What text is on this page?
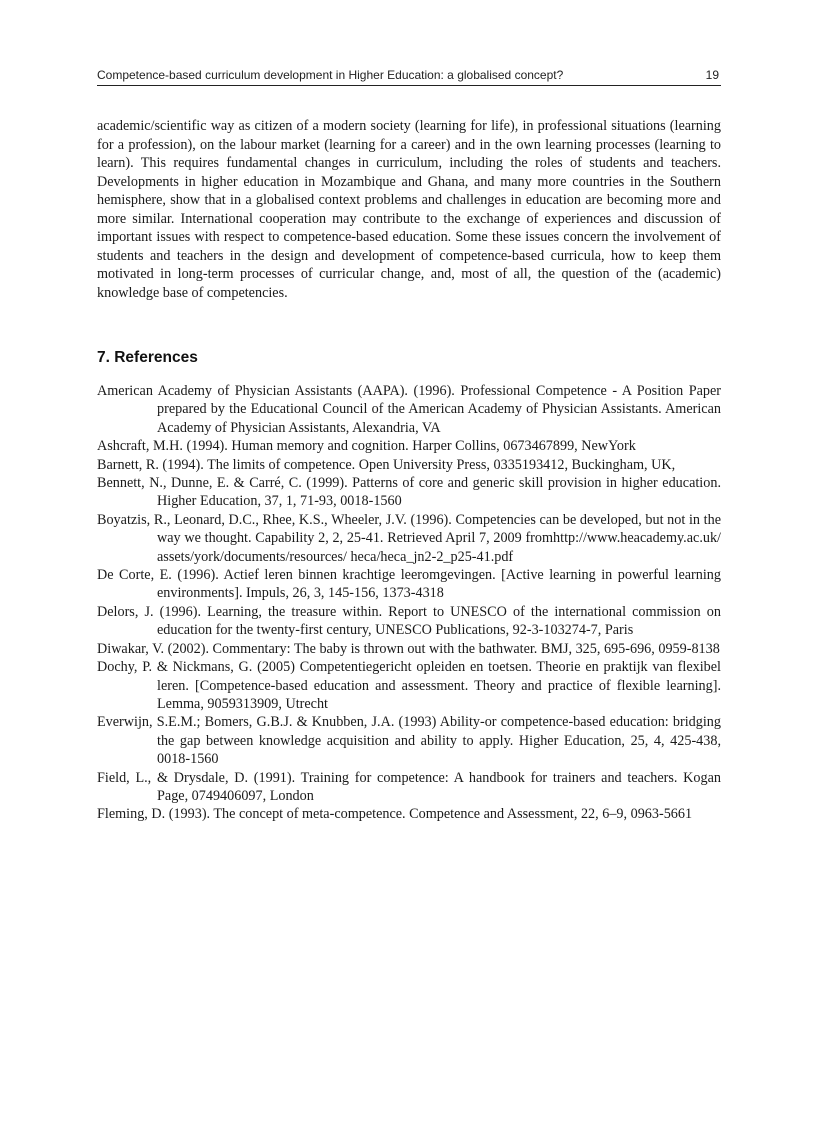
Competence-based curriculum development in Higher Education: a globalised concept?	19

academic/scientific way as citizen of a modern society (learning for life), in professional situations (learning for a profession), on the labour market (learning for a career) and in the own learning processes (learning to learn). This requires fundamental changes in curriculum, including the roles of students and teachers. Developments in higher education in Mozambique and Ghana, and many more countries in the Southern hemisphere, show that in a globalised context problems and challenges in education are becoming more and more similar. International cooperation may contribute to the exchange of experiences and discussion of important issues with respect to competence-based education. Some these issues concern the involvement of students and teachers in the design and development of competence-based curricula, how to keep them motivated in long-term processes of curricular change, and, most of all, the question of the (academic) knowledge base of competencies.

7. References
American Academy of Physician Assistants (AAPA). (1996). Professional Competence - A Position Paper prepared by the Educational Council of the American Academy of Physician Assistants. American Academy of Physician Assistants, Alexandria, VA
Ashcraft, M.H. (1994). Human memory and cognition. Harper Collins, 0673467899, NewYork
Barnett, R. (1994). The limits of competence. Open University Press, 0335193412, Buckingham, UK,
Bennett, N., Dunne, E. & Carré, C. (1999). Patterns of core and generic skill provision in higher education. Higher Education, 37, 1, 71-93, 0018-1560
Boyatzis, R., Leonard, D.C., Rhee, K.S., Wheeler, J.V. (1996). Competencies can be developed, but not in the way we thought. Capability 2, 2, 25-41. Retrieved April 7, 2009 fromhttp://www.heacademy.ac.uk/ assets/york/documents/resources/ heca/heca_jn2-2_p25-41.pdf
De Corte, E. (1996). Actief leren binnen krachtige leeromgevingen. [Active learning in powerful learning environments]. Impuls, 26, 3, 145-156, 1373-4318
Delors, J. (1996). Learning, the treasure within. Report to UNESCO of the international commission on education for the twenty-first century, UNESCO Publications, 92-3-103274-7, Paris
Diwakar, V. (2002). Commentary: The baby is thrown out with the bathwater. BMJ, 325, 695-696, 0959-8138
Dochy, P. & Nickmans, G. (2005) Competentiegericht opleiden en toetsen. Theorie en praktijk van flexibel leren. [Competence-based education and assessment. Theory and practice of flexible learning]. Lemma, 9059313909, Utrecht
Everwijn, S.E.M.; Bomers, G.B.J. & Knubben, J.A. (1993) Ability-or competence-based education: bridging the gap between knowledge acquisition and ability to apply. Higher Education, 25, 4, 425-438, 0018-1560
Field, L., & Drysdale, D. (1991). Training for competence: A handbook for trainers and teachers. Kogan Page, 0749406097, London
Fleming, D. (1993). The concept of meta-competence. Competence and Assessment, 22, 6–9, 0963-5661
